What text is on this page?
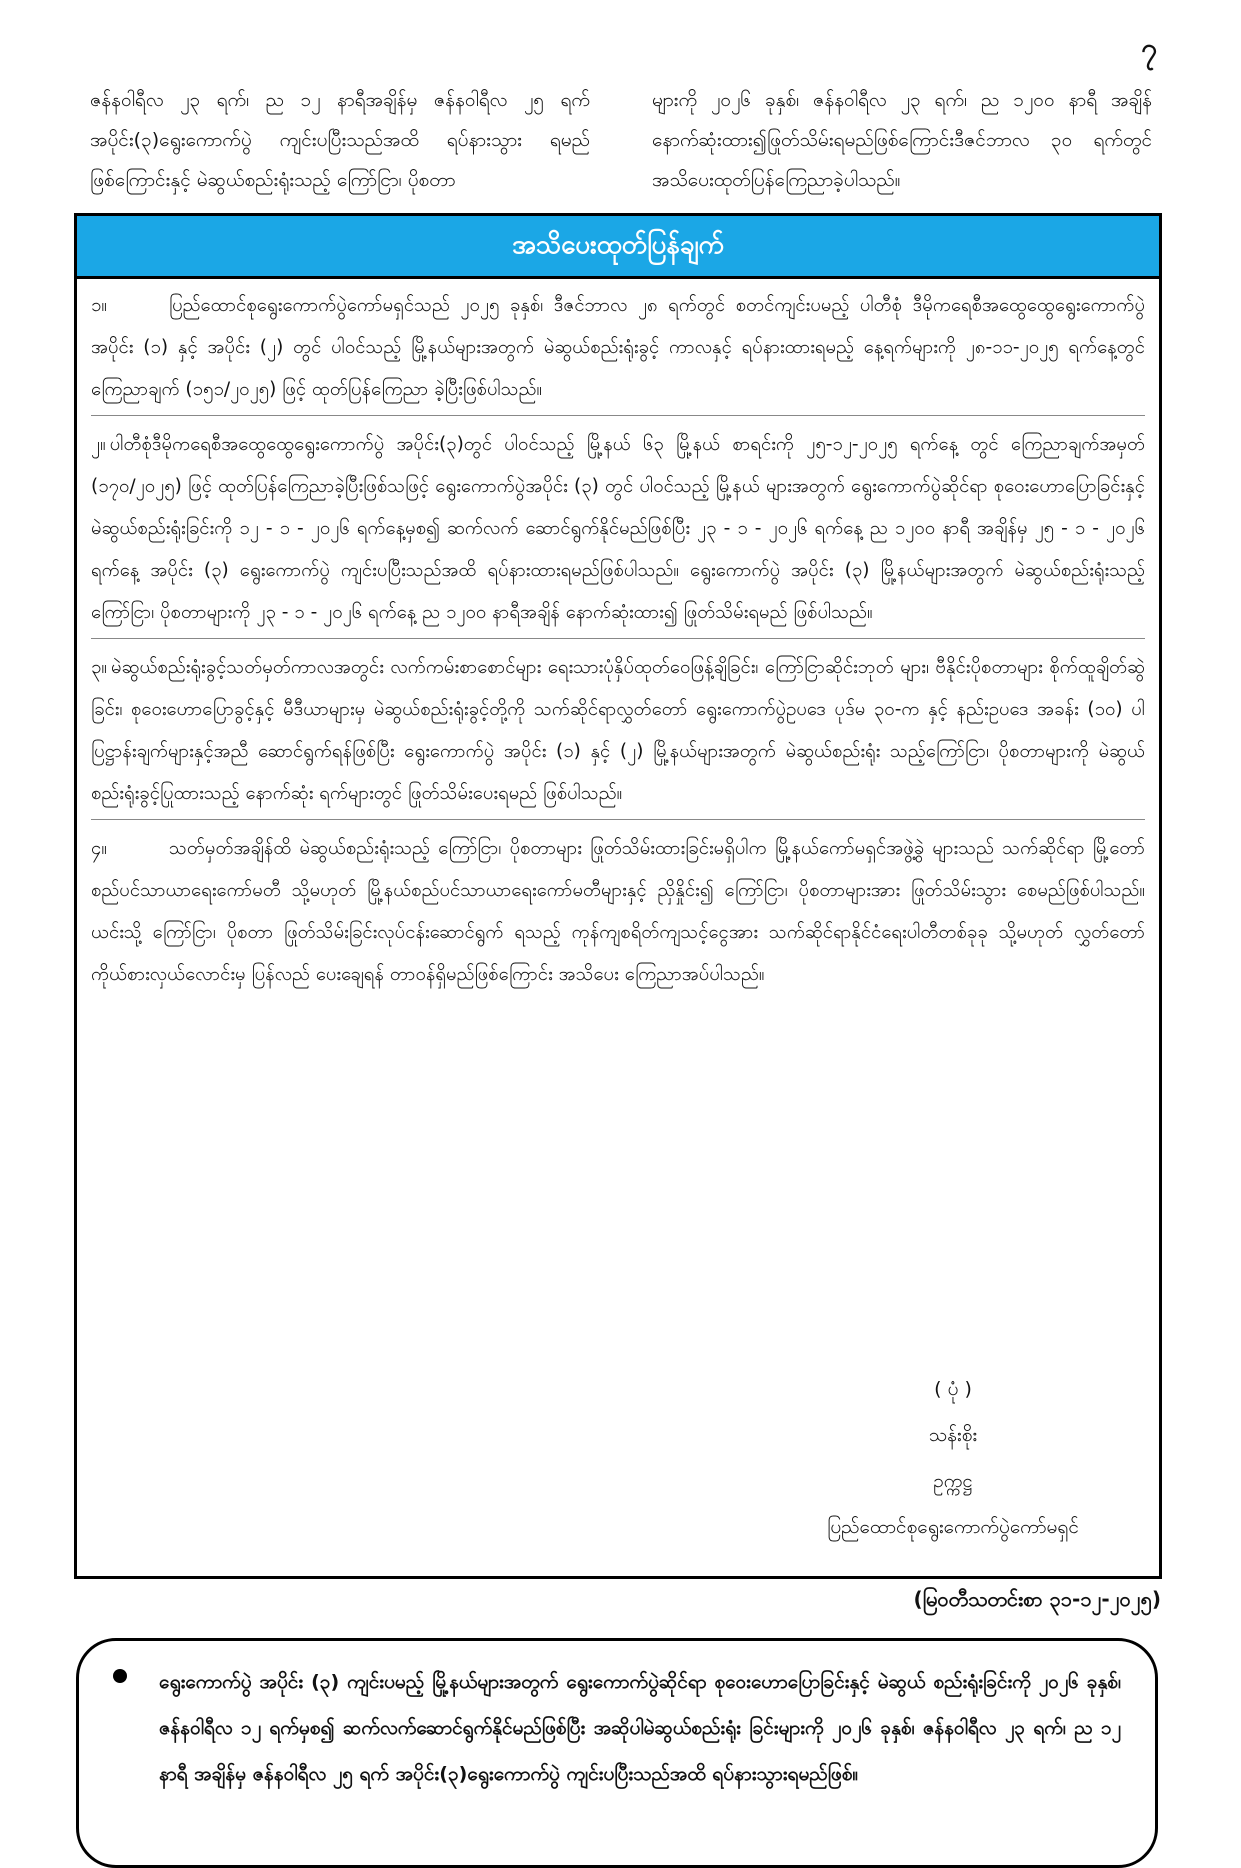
၇
ဇန်နဝါရီလ ၂၃ ရက်၊ ည ၁၂ နာရီအချိန်မှ ဇန်နဝါရီလ ၂၅ ရက် အပိုင်း(၃)ရွေးကောက်ပွဲ ကျင်းပပြီးသည်အထိ ရပ်နားသွား ရမည်ဖြစ်ကြောင်းနှင့် မဲဆွယ်စည်းရုံးသည့် ကြော်ငြာ၊ ပိုစတာ
များကို ၂၀၂၆ ခုနှစ်၊ ဇန်နဝါရီလ ၂၃ ရက်၊ ည ၁၂၀၀ နာရီ အချိန် နောက်ဆုံးထား၍ဖြုတ်သိမ်းရမည်ဖြစ်ကြောင်းဒီဇင်ဘာလ ၃၀ ရက်တွင် အသိပေးထုတ်ပြန်ကြေညာခဲ့ပါသည်။
အသိပေးထုတ်ပြန်ချက်
၁။	ပြည်ထောင်စုရွေးကောက်ပွဲကော်မရှင်သည် ၂၀၂၅ ခုနှစ်၊ ဒီဇင်ဘာလ ၂၈ ရက်တွင် စတင်ကျင်းပမည့် ပါတီစုံ ဒီမိုကရေစီအထွေထွေရွေးကောက်ပွဲ အပိုင်း (၁) နှင့် အပိုင်း (၂) တွင် ပါဝင်သည့် မြို့နယ်များအတွက် မဲဆွယ်စည်းရုံးခွင့် ကာလနှင့် ရပ်နားထားရမည့် နေ့ရက်များကို ၂၈-၁၁-၂၀၂၅ ရက်နေ့တွင် ကြေညာချက် (၁၅၁/၂၀၂၅) ဖြင့် ထုတ်ပြန်ကြေညာ ခဲ့ပြီးဖြစ်ပါသည်။
၂။ ပါတီစုံဒီမိုကရေစီအထွေထွေရွေးကောက်ပွဲ အပိုင်း(၃)တွင် ပါဝင်သည့် မြို့နယ် ၆၃ မြို့နယ် စာရင်းကို ၂၅-၁၂-၂၀၂၅ ရက်နေ့ တွင် ကြေညာချက်အမှတ် (၁၇၀/၂၀၂၅) ဖြင့် ထုတ်ပြန်ကြေညာခဲ့ပြီးဖြစ်သဖြင့် ရွေးကောက်ပွဲအပိုင်း (၃) တွင် ပါဝင်သည့် မြို့နယ် များအတွက် ရွေးကောက်ပွဲဆိုင်ရာ စုဝေးဟောပြောခြင်းနှင့် မဲဆွယ်စည်းရုံးခြင်းကို ၁၂ - ၁ - ၂၀၂၆ ရက်နေ့မှစ၍ ဆက်လက် ဆောင်ရွက်နိုင်မည်ဖြစ်ပြီး ၂၃ - ၁ - ၂၀၂၆ ရက်နေ့ ည ၁၂၀၀ နာရီ အချိန်မှ ၂၅ - ၁ - ၂၀၂၆ ရက်နေ့ အပိုင်း (၃) ရွေးကောက်ပွဲ ကျင်းပပြီးသည်အထိ ရပ်နားထားရမည်ဖြစ်ပါသည်။ ရွေးကောက်ပွဲ အပိုင်း (၃) မြို့နယ်များအတွက် မဲဆွယ်စည်းရုံးသည့် ကြော်ငြာ၊ ပိုစတာများကို ၂၃ - ၁ - ၂၀၂၆ ရက်နေ့ ည ၁၂၀၀ နာရီအချိန် နောက်ဆုံးထား၍ ဖြုတ်သိမ်းရမည် ဖြစ်ပါသည်။
၃။ မဲဆွယ်စည်းရုံးခွင့်သတ်မှတ်ကာလအတွင်း လက်ကမ်းစာစောင်များ ရေးသားပုံနှိပ်ထုတ်ဝေဖြန့်ချိခြင်း၊ ကြော်ငြာဆိုင်းဘုတ် များ၊ ဗီနိုင်းပိုစတာများ စိုက်ထူချိတ်ဆွဲခြင်း၊ စုဝေးဟောပြောခွင့်နှင့် မီဒီယာများမှ မဲဆွယ်စည်းရုံးခွင့်တို့ကို သက်ဆိုင်ရာလွှတ်တော် ရွေးကောက်ပွဲဥပဒေ ပုဒ်မ ၃၀-က နှင့် နည်းဥပဒေ အခန်း (၁၀) ပါ ပြဋ္ဌာန်းချက်များနှင့်အညီ ဆောင်ရွက်ရန်ဖြစ်ပြီး ရွေးကောက်ပွဲ အပိုင်း (၁) နှင့် (၂) မြို့နယ်များအတွက် မဲဆွယ်စည်းရုံး သည့်ကြော်ငြာ၊ ပိုစတာများကို မဲဆွယ်စည်းရုံးခွင့်ပြုထားသည့် နောက်ဆုံး ရက်များတွင် ဖြုတ်သိမ်းပေးရမည် ဖြစ်ပါသည်။
၄။	သတ်မှတ်အချိန်ထိ မဲဆွယ်စည်းရုံးသည့် ကြော်ငြာ၊ ပိုစတာများ ဖြုတ်သိမ်းထားခြင်းမရှိပါက မြို့နယ်ကော်မရှင်အဖွဲ့ခွဲ များသည် သက်ဆိုင်ရာ မြို့တော်စည်ပင်သာယာရေးကော်မတီ သို့မဟုတ် မြို့နယ်စည်ပင်သာယာရေးကော်မတီများနှင့် ညှိနှိုင်း၍ ကြော်ငြာ၊ ပိုစတာများအား ဖြုတ်သိမ်းသွား စေမည်ဖြစ်ပါသည်။ ယင်းသို့ ကြော်ငြာ၊ ပိုစတာ ဖြုတ်သိမ်းခြင်းလုပ်ငန်းဆောင်ရွက် ရသည့် ကုန်ကျစရိတ်ကျသင့်ငွေအား သက်ဆိုင်ရာနိုင်ငံရေးပါတီတစ်ခုခု သို့မဟုတ် လွှတ်တော်ကိုယ်စားလှယ်လောင်းမှ ပြန်လည် ပေးချေရန် တာဝန်ရှိမည်ဖြစ်ကြောင်း အသိပေး ကြေညာအပ်ပါသည်။
( ပုံ )
သန်းစိုး
ဥက္ကဋ္ဌ
ပြည်ထောင်စုရွေးကောက်ပွဲကော်မရှင်
(မြဝတီသတင်းစာ ၃၁-၁၂-၂၀၂၅)
ရွေးကောက်ပွဲ အပိုင်း (၃) ကျင်းပမည့် မြို့နယ်များအတွက် ရွေးကောက်ပွဲဆိုင်ရာ စုဝေးဟောပြောခြင်းနှင့် မဲဆွယ် စည်းရုံးခြင်းကို ၂၀၂၆ ခုနှစ်၊ ဇန်နဝါရီလ ၁၂ ရက်မှစ၍ ဆက်လက်ဆောင်ရွက်နိုင်မည်ဖြစ်ပြီး အဆိုပါမဲဆွယ်စည်းရုံး ခြင်းများကို ၂၀၂၆ ခုနှစ်၊ ဇန်နဝါရီလ ၂၃ ရက်၊ ည ၁၂ နာရီ အချိန်မှ ဇန်နဝါရီလ ၂၅ ရက် အပိုင်း(၃)ရွေးကောက်ပွဲ ကျင်းပပြီးသည်အထိ ရပ်နားသွားရမည်ဖြစ်။
